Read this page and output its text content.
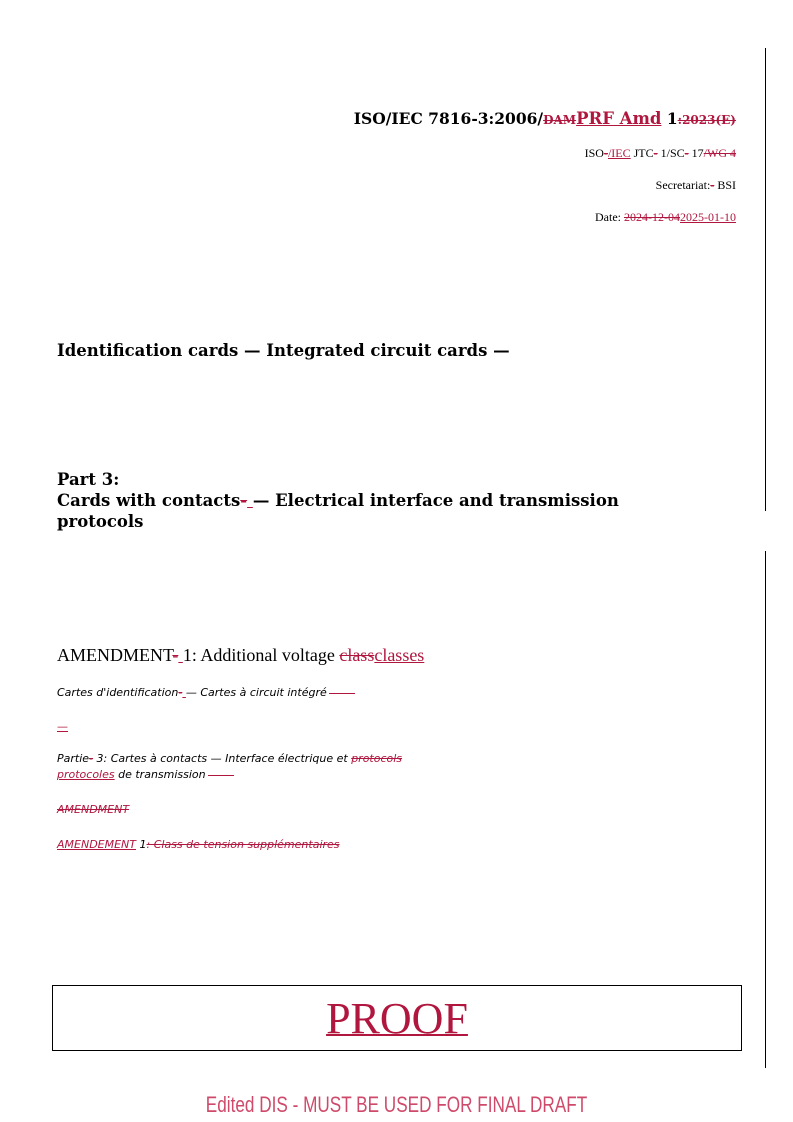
ISO/IEC 7816-3:2006/DAMPRF Amd 1:2023(E)
ISO-/IEC JTC- 1/SC- 17/WG 4
Secretariat:- BSI
Date: 2024-12-042025-01-10
Identification cards — Integrated circuit cards —
Part 3:
Cards with contacts- — Electrical interface and transmission protocols
AMENDMENT- 1: Additional voltage classclasses
Cartes d'identification- — Cartes à circuit intégré
—
Partie- 3: Cartes à contacts — Interface électrique et protocols
protocoles de transmission
AMENDMENT
AMENDEMENT 1: Class de tension supplémentaires
PROOF
Edited DIS - MUST BE USED FOR FINAL DRAFT
